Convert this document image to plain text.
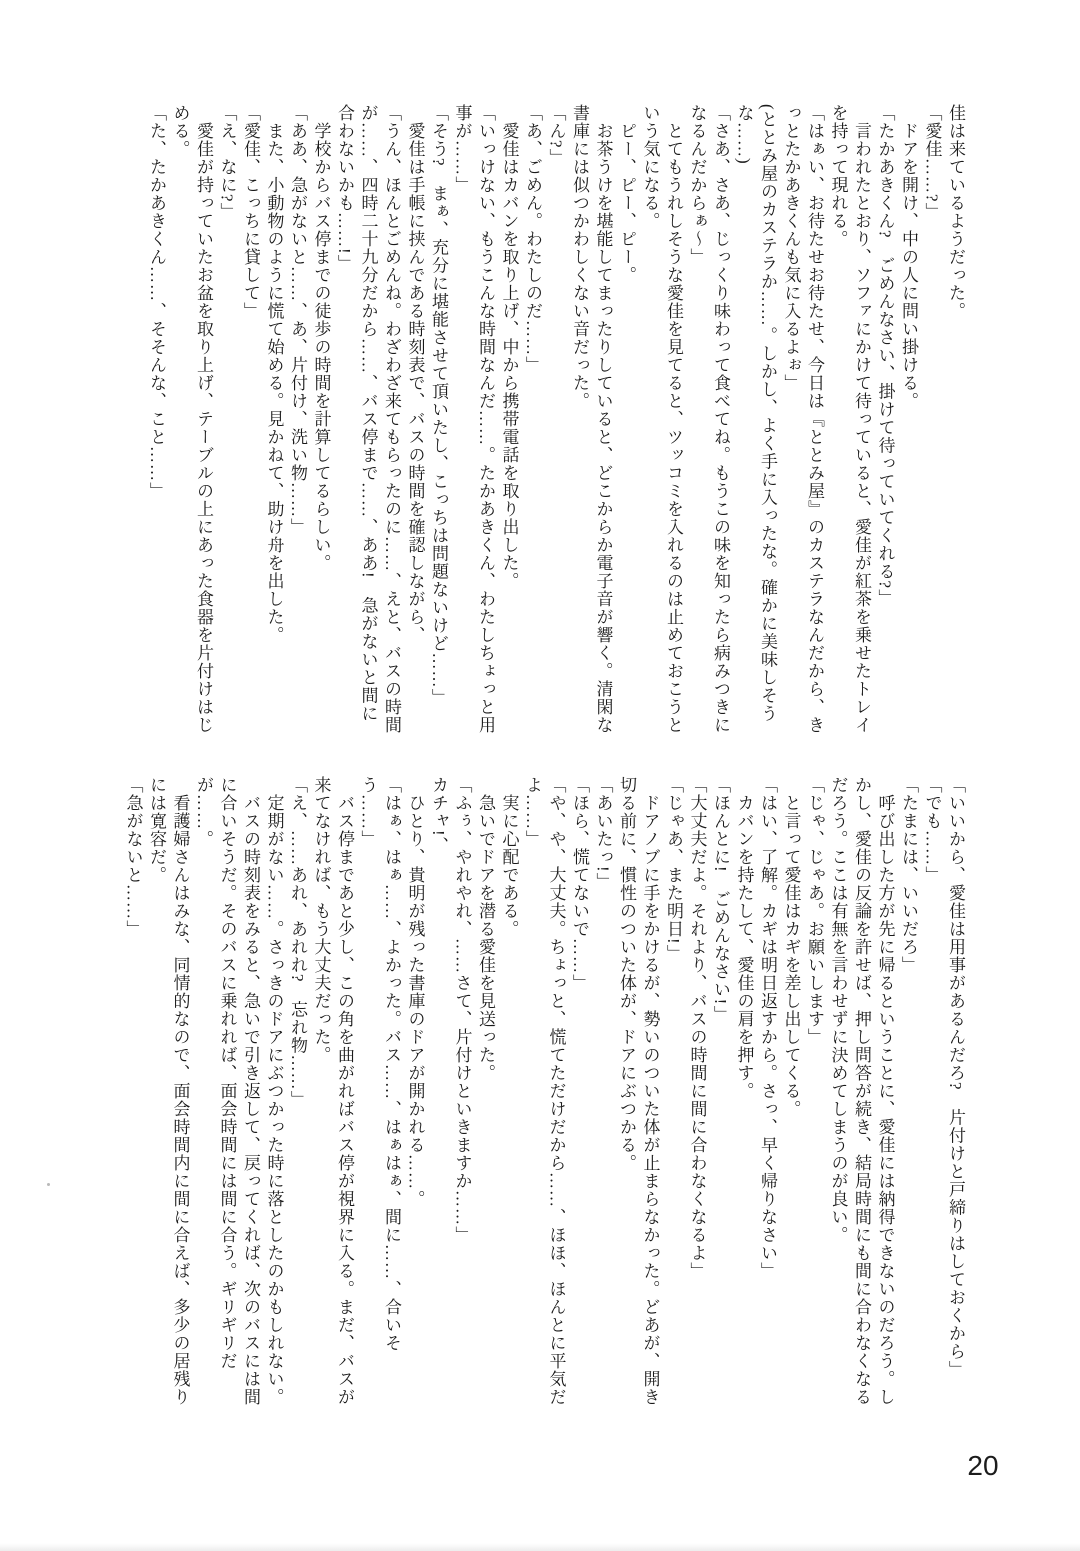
佳は来ているようだった。

「愛佳……?」

　ドアを開け、中の人に問い掛ける。

「たかあきくん?　ごめんなさい、掛けて待っていてくれる?」

　言われたとおり、ソファにかけて待っていると、愛佳が紅茶を乗せたトレイを持って現れる。

「はぁい、お待たせお待たせ、今日は『ととみ屋』のカステラなんだから、きっとたかあきくんも気に入るよぉ」

(ととみ屋のカステラか……。しかし、よく手に入ったな。確かに美味しそうな……)

「さあ、さあ、じっくり味わって食べてね。もうこの味を知ったら病みつきになるんだからぁ〜」

　とてもうれしそうな愛佳を見てると、ツッコミを入れるのは止めておこうという気になる。

　ピー、ピー、ピー。

　お茶うけを堪能してまったりしていると、どこからか電子音が響く。清閑な書庫には似つかわしくない音だった。

「ん?」

「あ、ごめん。わたしのだ……」

　愛佳はカバンを取り上げ、中から携帯電話を取り出した。

「いっけない、もうこんな時間なんだ……。たかあきくん、わたしちょっと用事が……」

「そう?　まぁ、充分に堪能させて頂いたし、こっちは問題ないけど……」

　愛佳は手帳に挟んである時刻表で、バスの時間を確認しながら、

「うん、ほんとごめんね。わざわざ来てもらったのに……、えと、バスの時間が……、四時二十九分だから……、バス停まで……、ああ!　急がないと間に合わないかも……!」

　学校からバス停までの徒歩の時間を計算してるらしい。

「ああ、急がないと……、あ、片付け、洗い物……」

　また、小動物のように慌て始める。見かねて、助け舟を出した。

「愛佳、こっちに貸して」

「え、なに?」

　愛佳が持っていたお盆を取り上げ、テーブルの上にあった食器を片付けはじめる。

「た、たかあきくん……、そそんな、こと……」

「いいから、愛佳は用事があるんだろ?　片付けと戸締りはしておくから」

「でも……」

「たまには、いいだろ」

　呼び出した方が先に帰るということに、愛佳には納得できないのだろう。しかし、愛佳の反論を許せば、押し問答が続き、結局時間にも間に合わなくなるだろう。ここは有無を言わせずに決めてしまうのが良い。

「じゃ、じゃあ。お願いします」

　と言って愛佳はカギを差し出してくる。

「はい、了解。カギは明日返すから。さっ、早く帰りなさい」

　カバンを持たして、愛佳の肩を押す。

「ほんとに!　ごめんなさい!」

「大丈夫だよ。それより、バスの時間に間に合わなくなるよ」

「じゃあ、また明日!」

　ドアノブに手をかけるが、勢いのついた体が止まらなかった。どあが、開き切る前に、慣性のついた体が、ドアにぶつかる。

「あいたっ!」

「ほら、慌てないで……」

「や、や、大丈夫。ちょっと、慌てただけだから……、ほほ、ほんとに平気だよ……」

　実に心配である。

　急いでドアを潜る愛佳を見送った。

「ふぅ、やれやれ、……さて、片付けといきますか……」

カチャ!、

　ひとり、貴明が残った書庫のドアが開かれる……。

「はぁ、はぁ……、よかった。バス……、はぁはぁ、間に……、合いそう……」

　バス停まであと少し、この角を曲がればバス停が視界に入る。まだ、バスが来てなければ、もう大丈夫だった。

「え、……あれ、あれれ?　忘れ物……」

　定期がない……。さっきのドアにぶつかった時に落としたのかもしれない。

　バスの時刻表をみると、急いで引き返して、戻ってくれば、次のバスには間に合いそうだ。そのバスに乗れれば、面会時間には間に合う。ギリギリだが……。

　看護婦さんはみな、同情的なので、面会時間内に間に合えば、多少の居残りには寛容だ。

「急がないと……」

20
